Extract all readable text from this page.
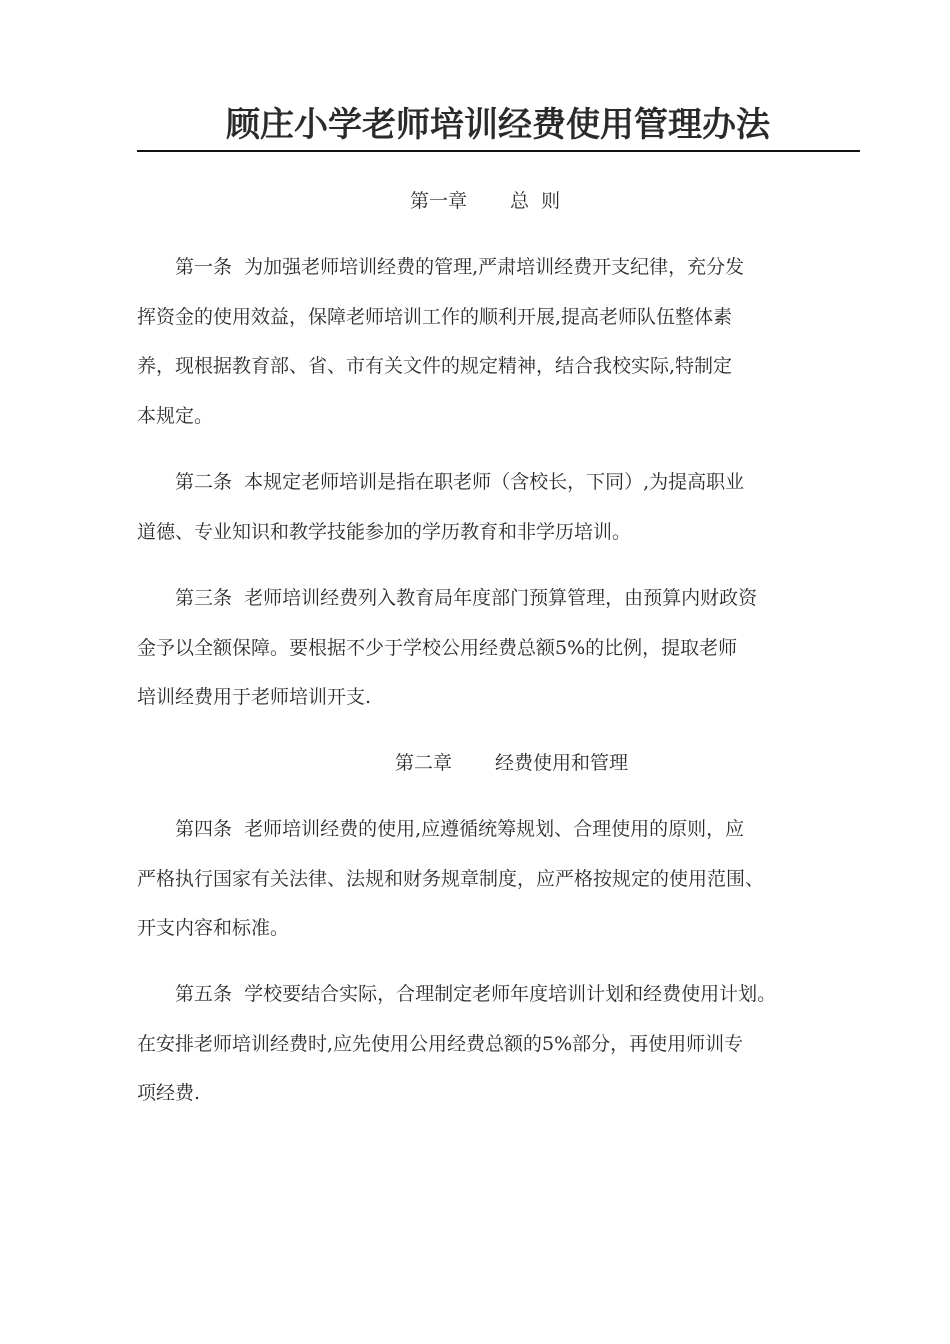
顾庄小学老师培训经费使用管理办法
第一章 总  则
第一条  为加强老师培训经费的管理,严肃培训经费开支纪律，充分发
挥资金的使用效益，保障老师培训工作的顺利开展,提高老师队伍整体素
养，现根据教育部、省、市有关文件的规定精神，结合我校实际,特制定
本规定。
第二条  本规定老师培训是指在职老师（含校长，下同）,为提高职业
道德、专业知识和教学技能参加的学历教育和非学历培训。
第三条  老师培训经费列入教育局年度部门预算管理，由预算内财政资
金予以全额保障。要根据不少于学校公用经费总额5%的比例，提取老师
培训经费用于老师培训开支.
第二章 经费使用和管理
第四条  老师培训经费的使用,应遵循统筹规划、合理使用的原则，应
严格执行国家有关法律、法规和财务规章制度，应严格按规定的使用范围、
开支内容和标准。
第五条  学校要结合实际，合理制定老师年度培训计划和经费使用计划。
在安排老师培训经费时,应先使用公用经费总额的5%部分，再使用师训专
项经费.
